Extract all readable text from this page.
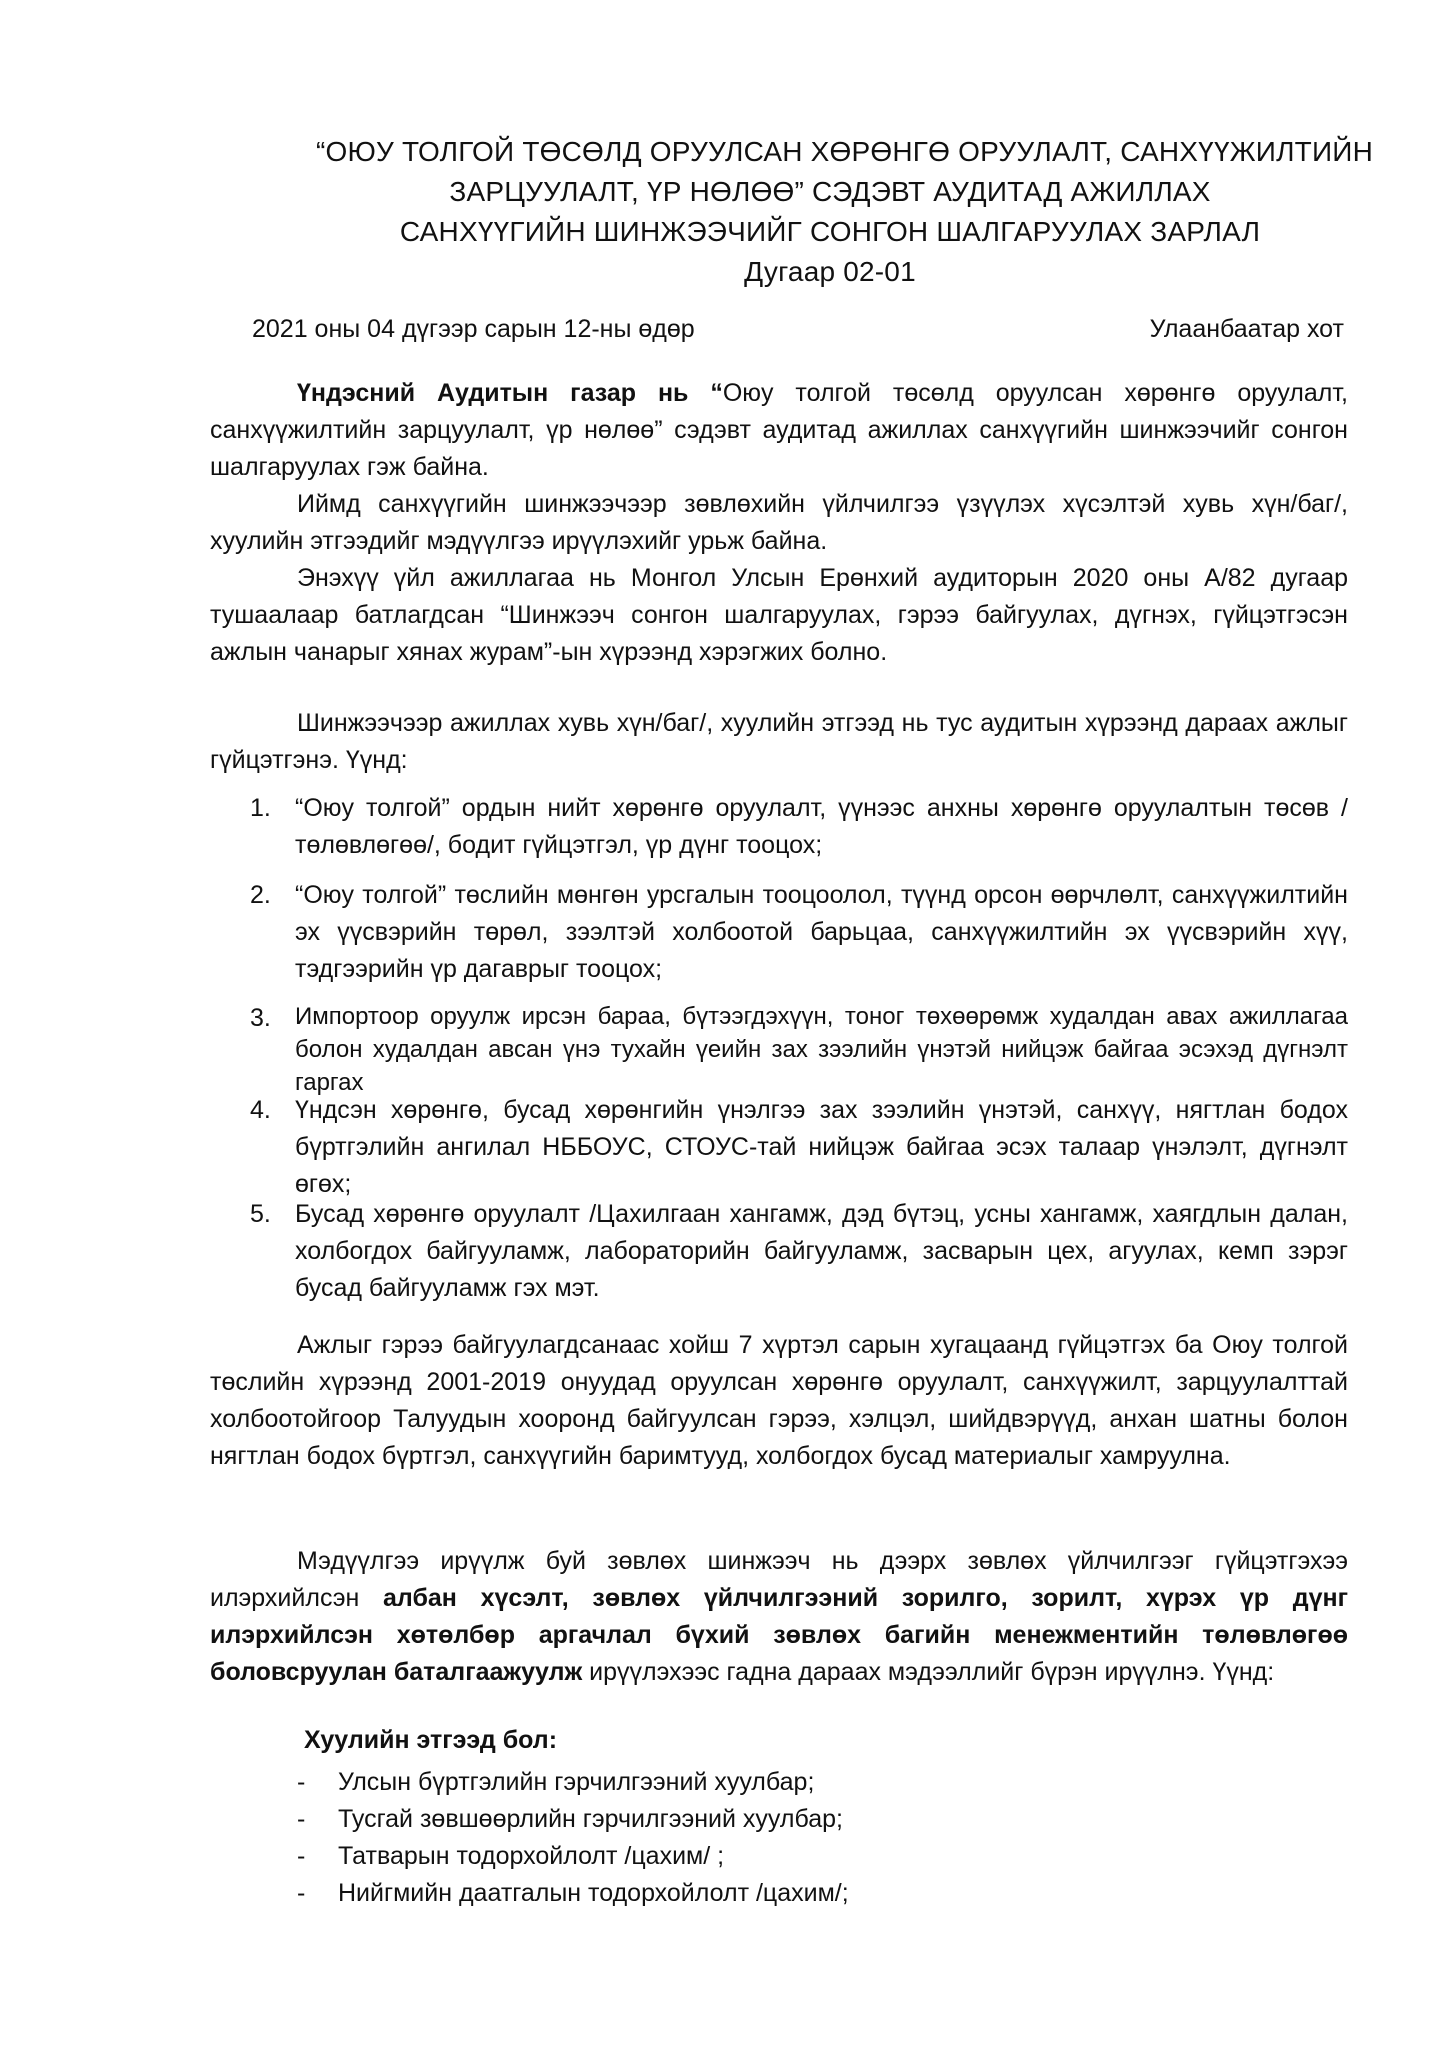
“ОЮУ ТОЛГОЙ ТӨСӨЛД ОРУУЛСАН ХӨРӨНГӨ ОРУУЛАЛТ, САНХҮҮЖИЛТИЙН
ЗАРЦУУЛАЛТ, ҮР НӨЛӨӨ” СЭДЭВТ АУДИТАД АЖИЛЛАХ
САНХҮҮГИЙН ШИНЖЭЭЧИЙГ СОНГОН ШАЛГАРУУЛАХ ЗАРЛАЛ
Дугаар 02-01
2021 оны 04 дүгээр сарын 12-ны өдөр	Улаанбаатар хот

Үндэсний Аудитын газар нь “Оюу толгой төсөлд оруулсан хөрөнгө оруулалт, санхүүжилтийн зарцуулалт, үр нөлөө” сэдэвт аудитад ажиллах санхүүгийн шинжээчийг сонгон шалгаруулах гэж байна.

Иймд санхүүгийн шинжээчээр зөвлөхийн үйлчилгээ үзүүлэх хүсэлтэй хувь хүн/баг/, хуулийн этгээдийг мэдүүлгээ ирүүлэхийг урьж байна.

Энэхүү үйл ажиллагаа нь Монгол Улсын Ерөнхий аудиторын 2020 оны А/82 дугаар тушаалаар батлагдсан “Шинжээч сонгон шалгаруулах, гэрээ байгуулах, дүгнэх, гүйцэтгэсэн ажлын чанарыг хянах журам”-ын хүрээнд хэрэгжих болно.

Шинжээчээр ажиллах хувь хүн/баг/, хуулийн этгээд нь тус аудитын хүрээнд дараах ажлыг гүйцэтгэнэ. Үүнд:

1. “Оюу толгой” ордын нийт хөрөнгө оруулалт, үүнээс анхны хөрөнгө оруулалтын төсөв /төлөвлөгөө/, бодит гүйцэтгэл, үр дүнг тооцох;
2. “Оюу толгой” төслийн мөнгөн урсгалын тооцоолол, түүнд орсон өөрчлөлт, санхүүжилтийн эх үүсвэрийн төрөл, зээлтэй холбоотой барьцаа, санхүүжилтийн эх үүсвэрийн хүү, тэдгээрийн үр дагаврыг тооцох;
3. Импортоор оруулж ирсэн бараа, бүтээгдэхүүн, тоног төхөөрөмж худалдан авах ажиллагаа болон худалдан авсан үнэ тухайн үеийн зах зээлийн үнэтэй нийцэж байгаа эсэхэд дүгнэлт гаргах
4. Үндсэн хөрөнгө, бусад хөрөнгийн үнэлгээ зах зээлийн үнэтэй, санхүү, нягтлан бодох бүртгэлийн ангилал НББОУС, СТОУС-тай нийцэж байгаа эсэх талаар үнэлэлт, дүгнэлт өгөх;
5. Бусад хөрөнгө оруулалт /Цахилгаан хангамж, дэд бүтэц, усны хангамж, хаягдлын далан, холбогдох байгууламж, лабораторийн байгууламж, засварын цех, агуулах, кемп зэрэг бусад байгууламж гэх мэт.

Ажлыг гэрээ байгуулагдсанаас хойш 7 хүртэл сарын хугацаанд гүйцэтгэх ба Оюу толгой төслийн хүрээнд 2001-2019 онуудад оруулсан хөрөнгө оруулалт, санхүүжилт, зарцуулалттай холбоотойгоор Талуудын хооронд байгуулсан гэрээ, хэлцэл, шийдвэрүүд, анхан шатны болон нягтлан бодох бүртгэл, санхүүгийн баримтууд, холбогдох бусад материалыг хамруулна.

Мэдүүлгээ ирүүлж буй зөвлөх шинжээч нь дээрх зөвлөх үйлчилгээг гүйцэтгэхээ илэрхийлсэн албан хүсэлт, зөвлөх үйлчилгээний зорилго, зорилт, хүрэх үр дүнг илэрхийлсэн хөтөлбөр аргачлал бүхий зөвлөх багийн менежментийн төлөвлөгөө боловсруулан баталгаажуулж ирүүлэхээс гадна дараах мэдээллийг бүрэн ирүүлнэ. Үүнд:

Хуулийн этгээд бол:
- Улсын бүртгэлийн гэрчилгээний хуулбар;
- Тусгай зөвшөөрлийн гэрчилгээний хуулбар;
- Татварын тодорхойлолт /цахим/ ;
- Нийгмийн даатгалын тодорхойлолт /цахим/;
